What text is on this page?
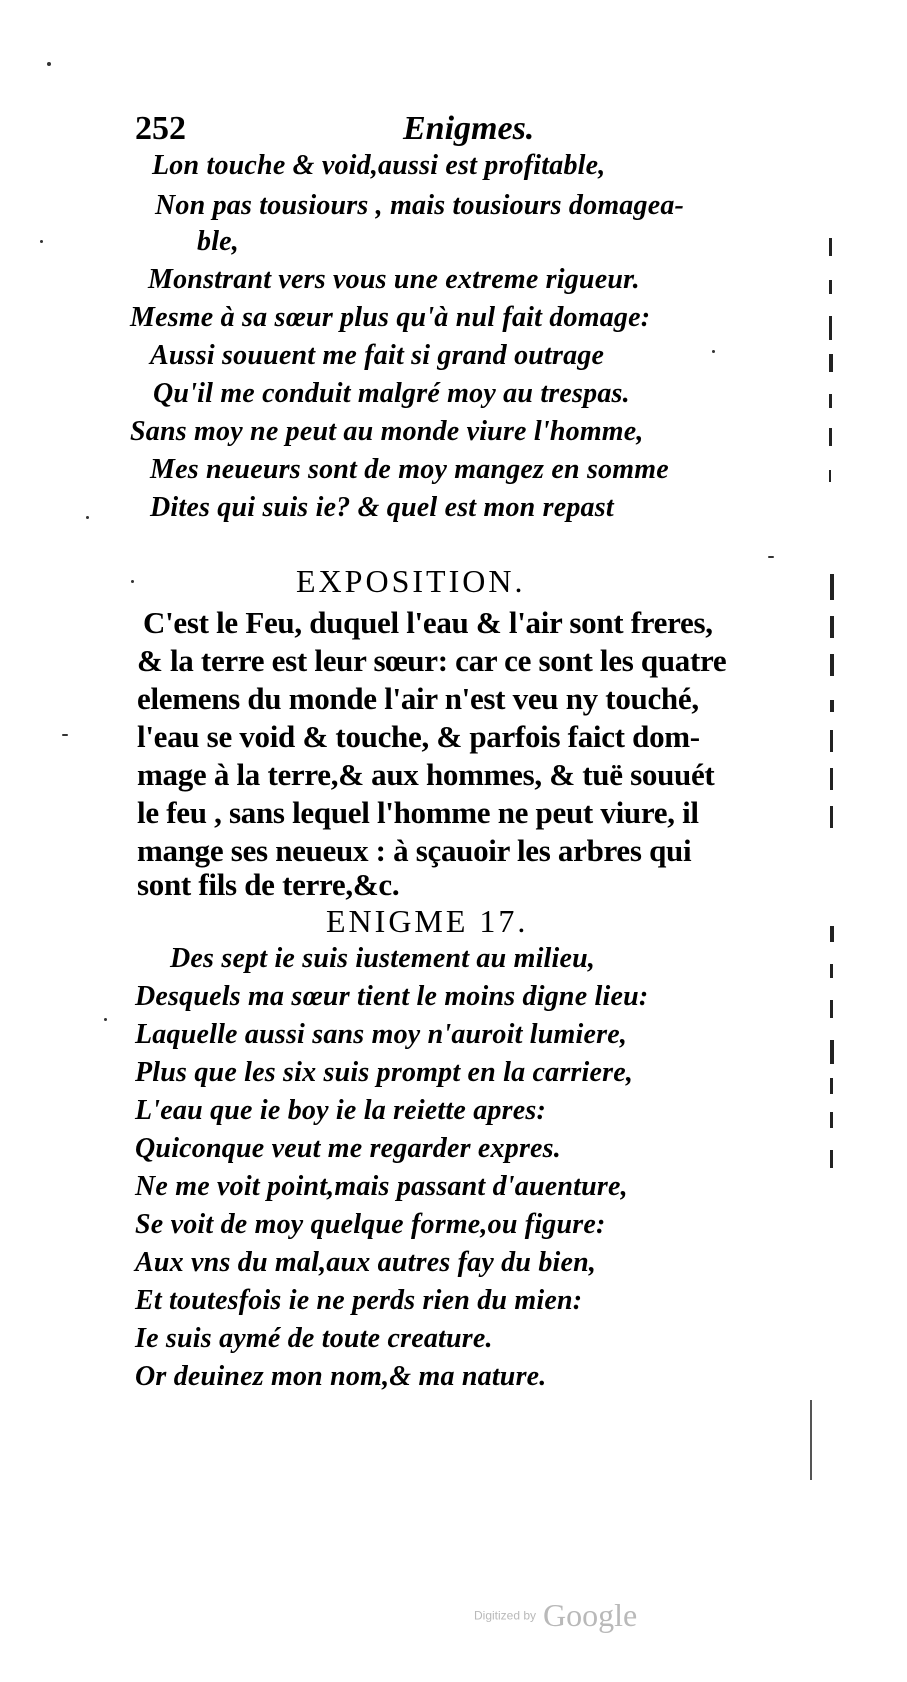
252	Enigmes.
Lon touche & void,aussi est profitable,
Non pas tousiours , mais tousiours domagea-
ble,
Monstrant vers vous une extreme rigueur.
Mesme à sa sœur plus qu'à nul fait domage:
Aussi souuent me fait si grand outrage
Qu'il me conduit malgré moy au trespas.
Sans moy ne peut au monde viure l'homme,
Mes neueurs sont de moy mangez en somme
Dites qui suis ie? & quel est mon repast
EXPOSITION.
C'est le Feu, duquel l'eau & l'air sont freres,
& la terre est leur sœur: car ce sont les quatre
elemens du monde l'air n'est veu ny touché,
l'eau se void & touche, & parfois faict dom-
mage à la terre,& aux hommes, & tuë souuét
le feu , sans lequel l'homme ne peut viure, il
mange ses neueux : à sçauoir les arbres qui
sont fils de terre,&c.
ENIGME 17.
Des sept ie suis iustement au milieu,
Desquels ma sœur tient le moins digne lieu:
Laquelle aussi sans moy n'auroit lumiere,
Plus que les six suis prompt en la carriere,
L'eau que ie boy ie la reiette apres:
Quiconque veut me regarder expres.
Ne me voit point,mais passant d'auenture,
Se voit de moy quelque forme,ou figure:
Aux vns du mal,aux autres fay du bien,
Et toutesfois ie ne perds rien du mien:
Ie suis aymé de toute creature.
Or deuinez mon nom,& ma nature.
Digitized by Google
